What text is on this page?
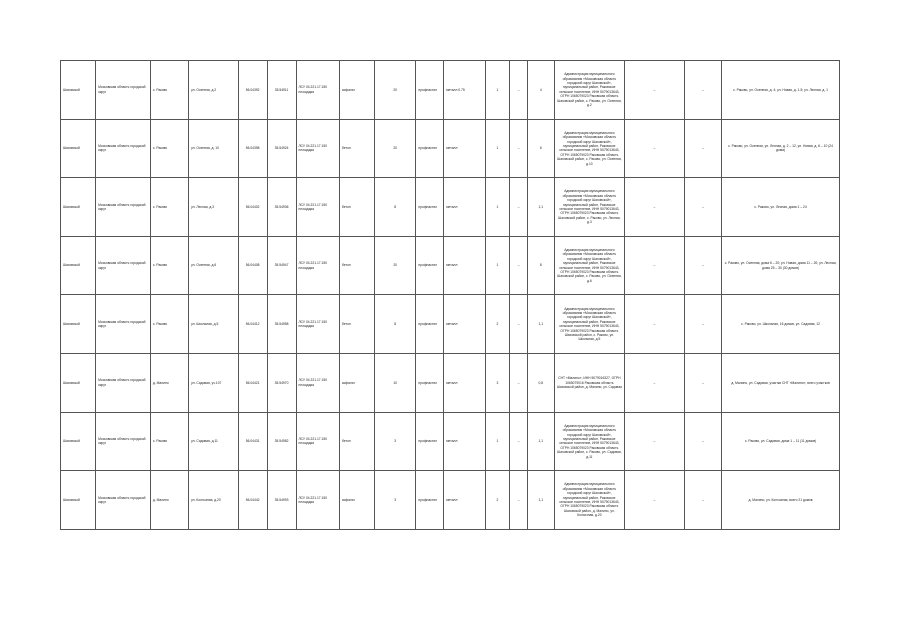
Шаховской	Московская область городской округ	с. Раково	ул. Осенняя, д.2	56.04392	35.54911	ЛСУ 04.221.17.150 площадка	асфальт	20	профнастил	металл 0.75	1	–	4	Администрация муниципального образования «Московская область городской округ Шаховской», муниципальный район, Раковское сельское поселение, ИНН 5079013643, ОГРН 1065079023 Раковская область Шаховской район, с. Раково, ул. Осенняя, д.2	–	–	с. Раково, ул. Осенняя, д. 4; ул. Новая, д. 1-5; ул. Лесная, д. 1
Шаховской	Московская область городской округ	с. Раково	ул. Осенняя, д. 10	56.04398	35.54924	ЛСУ 04.221.17.150 площадка	бетон	20	профнастил	металл	1	–	6	Администрация муниципального образования «Московская область городской округ Шаховской», муниципальный район, Раковское сельское поселение, ИНН 5079013643, ОГРН 1065079023 Раковская область Шаховской район, с. Раково, ул. Осенняя, д.10	–	–	с. Раково, ул. Осенняя, ул. Лесная, д. 2 – 12, ул. Новая, д. 6 – 10 (24 дома)
Шаховской	Московская область городской округ	с. Раково	ул. Лесная, д.3	56.04402	35.54936	ЛСУ 04.221.17.150 площадка	бетон	8	профнастил	металл	1	–	1,1	Администрация муниципального образования «Московская область городской округ Шаховской», муниципальный район, Раковское сельское поселение, ИНН 5079013643, ОГРН 1065079023 Раковская область Шаховской район, с. Раково, ул. Лесная, д.3	–	–	с. Раково, ул. Лесная, дома 1 – 24
Шаховской	Московская область городской округ	с. Раково	ул. Осенняя, д.6	56.04408	35.54947	ЛСУ 04.221.17.150 площадка	бетон	20	профнастил	металл	1	–	8	Администрация муниципального образования «Московская область городской округ Шаховской», муниципальный район, Раковское сельское поселение, ИНН 5079013643, ОГРН 1065079023 Раковская область Шаховской район, с. Раково, ул. Осенняя, д.6	–	–	с. Раково, ул. Осенняя, дома 6 – 20; ул. Новая, дома 11 – 20; ул. Лесная, дома 25 – 30 (30 домов)
Шаховской	Московская область городской округ	с. Раково	ул. Школьная, д.5	56.04412	35.54958	ЛСУ 04.221.17.150 площадка	бетон	8	профнастил	металл	2	–	1,1	Администрация муниципального образования «Московская область городской округ Шаховской», муниципальный район, Раковское сельское поселение, ИНН 5079013643, ОГРН 1065079023 Раковская область Шаховской район, с. Раково, ул. Школьная, д.5	–	–	с. Раково, ул. Школьная, 16 домов, ул. Садовая, 12
Шаховской	Московская область городской округ	д. Малино	ул. Садовая, уч.107	56.04421	35.54970	ЛСУ 04.221.17.150 площадка	асфальт	10	профнастил	металл	3	–	0,8	СНТ «Малино», ИНН 5079016327, ОГРН 1065079016 Раковская область Шаховской район, д. Малино, ул. Садовая	–	–	д. Малино, ул. Садовая, участки СНТ «Малино», всего участков
Шаховской	Московская область городской округ	с. Раково	ул. Садовая, д.11	56.04431	35.54982	ЛСУ 04.221.17.150 площадка	бетон	3	профнастил	металл	1	–	1,1	Администрация муниципального образования «Московская область городской округ Шаховской», муниципальный район, Раковское сельское поселение, ИНН 5079013643, ОГРН 1065079023 Раковская область Шаховской район, с. Раково, ул. Садовая, д.11	–	–	с. Раково, ул. Садовая, дома 1 – 11 (11 домов)
Шаховской	Московская область городской округ	д. Малино	ул. Колхозная, д.20	56.04442	35.54993	ЛСУ 04.221.17.150 площадка	асфальт	3	профнастил	металл	2	–	1,1	Администрация муниципального образования «Московская область городской округ Шаховской», муниципальный район, Раковское сельское поселение, ИНН 5079013643, ОГРН 1065079023 Раковская область Шаховской район, д. Малино, ул. Колхозная, д.20	–	–	д. Малино, ул. Колхозная, всего 21 домов
